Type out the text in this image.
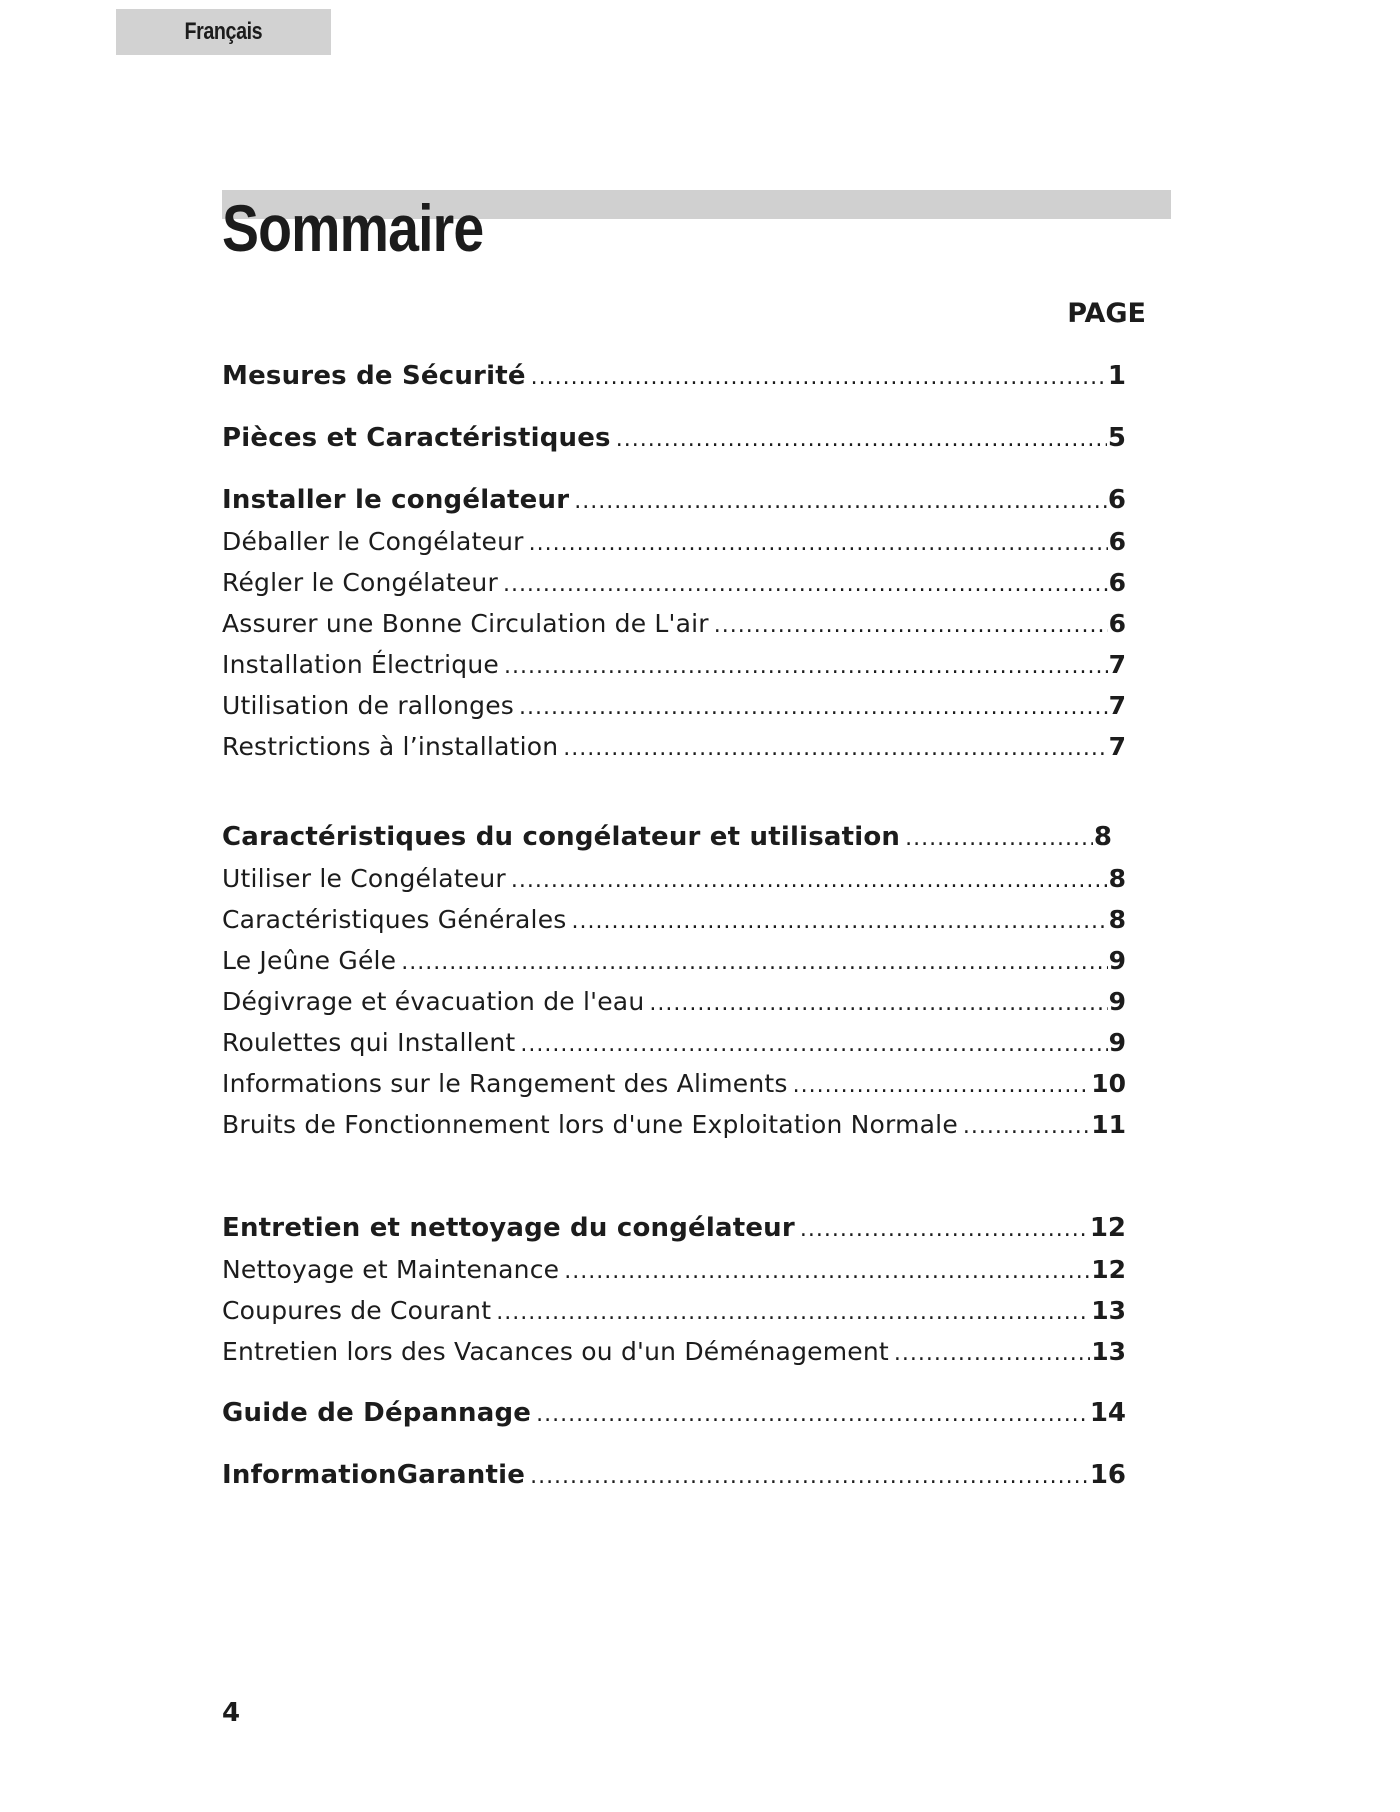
Français
Sommaire
PAGE
Mesures de Sécurité .....	1
Pièces et Caractéristiques .....	5
Installer le congélateur .....	6
Déballer le Congélateur .....	6
Régler le Congélateur .....	6
Assurer une Bonne Circulation de L'air .....	6
Installation Électrique .....	7
Utilisation de rallonges .....	7
Restrictions à l’installation .....	7
Caractéristiques du congélateur et utilisation .....	8
Utiliser le Congélateur .....	8
Caractéristiques Générales .....	8
Le Jeûne Géle .....	9
Dégivrage et évacuation de l'eau .....	9
Roulettes qui Installent .....	9
Informations sur le Rangement des Aliments .....	10
Bruits de Fonctionnement lors d'une Exploitation Normale .....	11
Entretien et nettoyage du congélateur .....	12
Nettoyage et Maintenance .....	12
Coupures de Courant .....	13
Entretien lors des Vacances ou d'un Déménagement .....	13
Guide de Dépannage .....	14
InformationGarantie .....	16
4
